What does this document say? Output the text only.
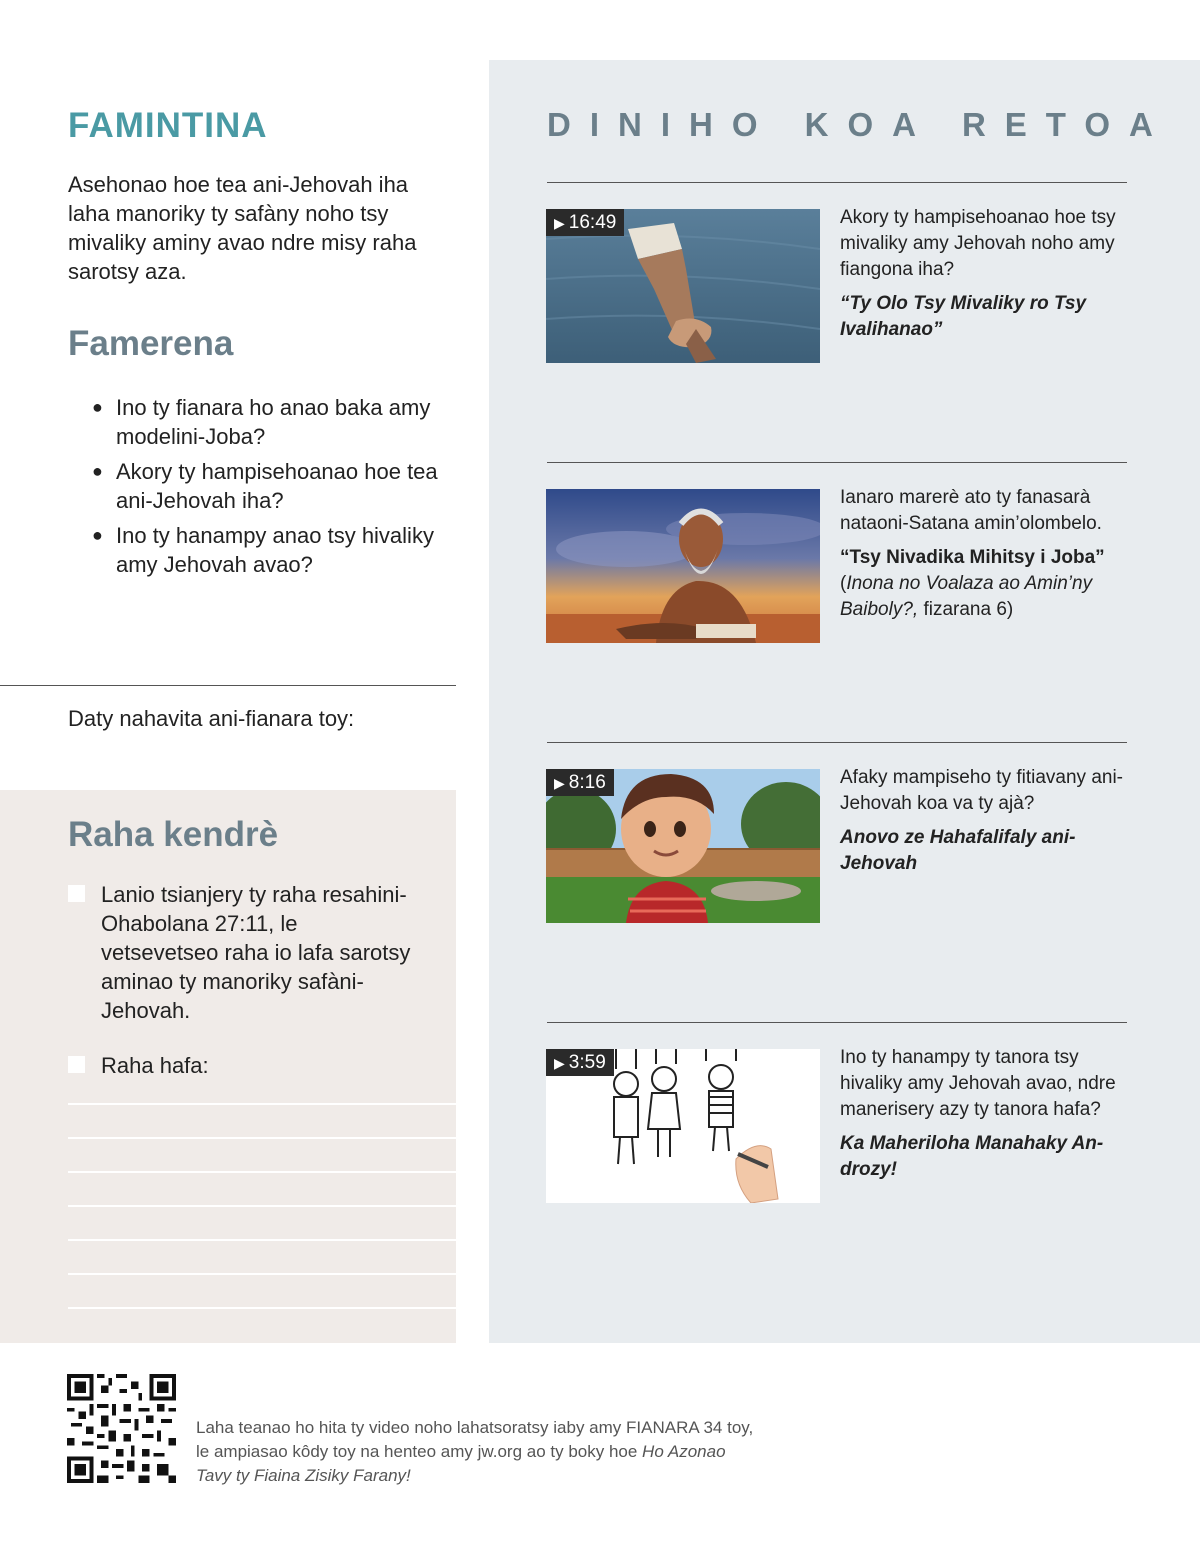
FAMINTINA
Asehonao hoe tea ani-Jehovah iha laha manoriky ty safàny noho tsy mivaliky aminy avao ndre misy raha sarotsy aza.
Famerena
● Ino ty fianara ho anao baka amy modelini-Joba?
● Akory ty hampisehoanao hoe tea ani-Jehovah iha?
● Ino ty hanampy anao tsy hivaliky amy Jehovah avao?
Daty nahavita ani-fianara toy:
Raha kendrè
Lanio tsianjery ty raha resahini-Ohabolana 27:11, le vetsevetseo raha io lafa sarotsy aminao ty manoriky safàni-Jehovah.
Raha hafa:
DINIHO KOA RETOA
▶ 16:49	Akory ty hampisehoanao hoe tsy mivaliky amy Jehovah noho amy fiangona iha?
“Ty Olo Tsy Mivaliky ro Tsy Ivalihanao”
Ianaro marerè ato ty fanasarà nataoni-Satana amin’olombelo.
“Tsy Nivadika Mihitsy i Joba”
(Inona no Voalaza ao Amin’ny Baiboly?, fizarana 6)
▶ 8:16	Afaky mampiseho ty fitiavany ani-Jehovah koa va ty ajà?
Anovo ze Hahafalifaly ani-Jehovah
▶ 3:59	Ino ty hanampy ty tanora tsy hivaliky amy Jehovah avao, ndre manerisery azy ty tanora hafa?
Ka Maheriloha Manahaky An-drozy!
Laha teanao ho hita ty video noho lahatsoratsy iaby amy FIANARA 34 toy, le ampiasao kôdy toy na henteo amy jw.org ao ty boky hoe Ho Azonao Tavy ty Fiaina Zisiky Farany!
